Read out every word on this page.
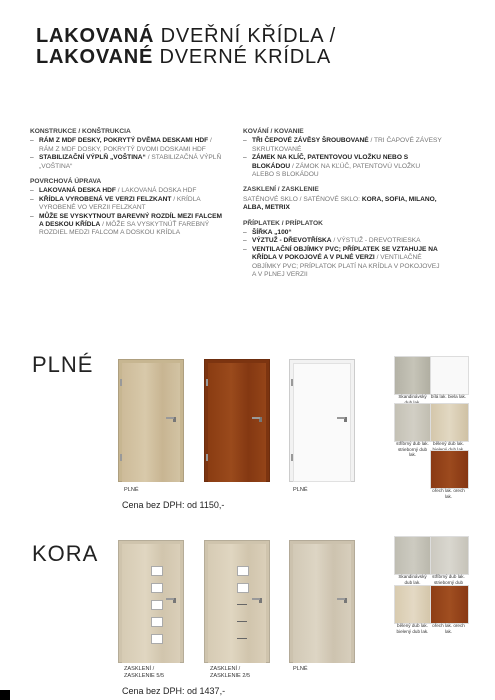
LAKOVANÁ DVEŘNÍ KŘÍDLA /
LAKOVANÉ DVERNÉ KRÍDLA
KONSTRUKCE / KONŠTRUKCIA
– RÁM Z MDF DESKY, POKRYTÝ DVĚMA DESKAMI HDF / RÁM Z MDF DOSKY, POKRYTÝ DVOMI DOSKAMI HDF
– STABILIZAČNÍ VÝPLŇ „VOŠTINA“ / STABILIZAČNÁ VÝPLŇ „VOŠTINA“
POVRCHOVÁ ÚPRAVA
– LAKOVANÁ DESKA HDF / LAKOVANÁ DOSKA HDF
– KŘÍDLA VYROBENÁ VE VERZI FELZKANT / KRÍDLA VYROBENÉ VO VERZII FELZKANT
– MŮŽE SE VYSKYTNOUT BAREVNÝ ROZDÍL MEZI FALCEM A DESKOU KŘÍDLA / MÔŽE SA VYSKYTNÚŤ FAREBNÝ ROZDIEL MEDZI FALCOM A DOSKOU KRÍDLA
KOVÁNÍ / KOVANIE
– TŘI ČEPOVÉ ZÁVĚSY ŠROUBOVANÉ / TRI ČAPOVÉ ZÁVESY SKRUTKOVANÉ
– ZÁMEK NA KLÍČ, PATENTOVOU VLOŽKU NEBO S BLOKÁDOU / ZÁMOK NA KĽÚČ, PATENTOVÚ VLOŽKU ALEBO S BLOKÁDOU
ZASKLENÍ / ZASKLENIE

SATÉNOVÉ SKLO / SATÉNOVÉ SKLO: KORA, SOFIA, MILANO, ALBA, METRIX

PŘÍPLATEK / PRÍPLATOK
– ŠÍŘKA „100“
– VÝZTUŽ - DŘEVOTŘÍSKA / VÝSTUŽ - DREVOTRIESKA
– VENTILAČNÍ OBJÍMKY PVC; PŘÍPLATEK SE VZTAHUJE NA KŘÍDLA V POKOJOVÉ A V PLNÉ VERZI / VENTILAČNÉ OBJÍMKY PVC; PRÍPLATOK PLATÍ NA KRÍDLA V POKOJOVEJ A V PLNEJ VERZII
PLNÉ
PLNÉ	PLNÉ
Cena bez DPH: od 1150,-
Skandinávský bílá lak. biela lak.
stříbrný dub lak. strieborný dub lak.
bělený dub lak.
ořech lak. orech lak.
KORA
ZASKLENÍ / ZASKLENIE 5/5
ZASKLENÍ / ZASKLENIE 2/5
PLNÉ
Cena bez DPH: od 1437,-
Skandinávský dub lak.
stříbrný dub lak. strieborný dub
bělený dub lak. bielený dub lak.
ořech lak. orech lak.
